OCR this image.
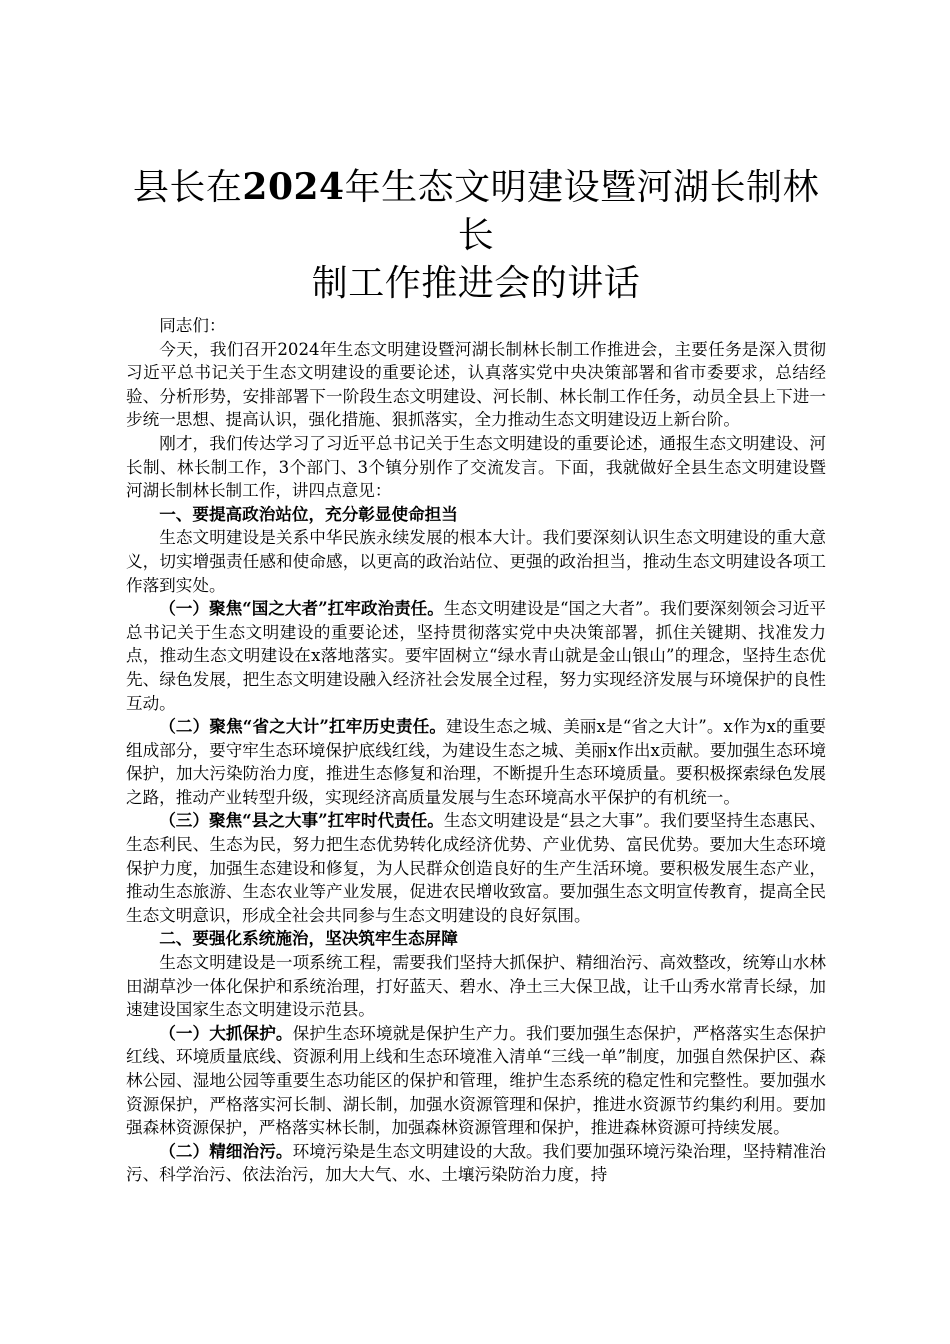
县长在2024年生态文明建设暨河湖长制林长
制工作推进会的讲话

同志们：

今天，我们召开2024年生态文明建设暨河湖长制林长制工作推进会，主要任务是深入贯彻习近平总书记关于生态文明建设的重要论述，认真落实党中央决策部署和省市委要求，总结经验、分析形势，安排部署下一阶段生态文明建设、河长制、林长制工作任务，动员全县上下进一步统一思想、提高认识，强化措施、狠抓落实，全力推动生态文明建设迈上新台阶。

刚才，我们传达学习了习近平总书记关于生态文明建设的重要论述，通报生态文明建设、河长制、林长制工作，3个部门、3个镇分别作了交流发言。下面，我就做好全县生态文明建设暨河湖长制林长制工作，讲四点意见：

一、要提高政治站位，充分彰显使命担当

生态文明建设是关系中华民族永续发展的根本大计。我们要深刻认识生态文明建设的重大意义，切实增强责任感和使命感，以更高的政治站位、更强的政治担当，推动生态文明建设各项工作落到实处。

（一）聚焦“国之大者”扛牢政治责任。生态文明建设是“国之大者”。我们要深刻领会习近平总书记关于生态文明建设的重要论述，坚持贯彻落实党中央决策部署，抓住关键期、找准发力点，推动生态文明建设在x落地落实。要牢固树立“绿水青山就是金山银山”的理念，坚持生态优先、绿色发展，把生态文明建设融入经济社会发展全过程，努力实现经济发展与环境保护的良性互动。

（二）聚焦“省之大计”扛牢历史责任。建设生态之城、美丽x是“省之大计”。x作为x的重要组成部分，要守牢生态环境保护底线红线，为建设生态之城、美丽x作出x贡献。要加强生态环境保护，加大污染防治力度，推进生态修复和治理，不断提升生态环境质量。要积极探索绿色发展之路，推动产业转型升级，实现经济高质量发展与生态环境高水平保护的有机统一。

（三）聚焦“县之大事”扛牢时代责任。生态文明建设是“县之大事”。我们要坚持生态惠民、生态利民、生态为民，努力把生态优势转化成经济优势、产业优势、富民优势。要加大生态环境保护力度，加强生态建设和修复，为人民群众创造良好的生产生活环境。要积极发展生态产业，推动生态旅游、生态农业等产业发展，促进农民增收致富。要加强生态文明宣传教育，提高全民生态文明意识，形成全社会共同参与生态文明建设的良好氛围。

二、要强化系统施治，坚决筑牢生态屏障

生态文明建设是一项系统工程，需要我们坚持大抓保护、精细治污、高效整改，统筹山水林田湖草沙一体化保护和系统治理，打好蓝天、碧水、净土三大保卫战，让千山秀水常青长绿，加速建设国家生态文明建设示范县。

（一）大抓保护。保护生态环境就是保护生产力。我们要加强生态保护，严格落实生态保护红线、环境质量底线、资源利用上线和生态环境准入清单“三线一单”制度，加强自然保护区、森林公园、湿地公园等重要生态功能区的保护和管理，维护生态系统的稳定性和完整性。要加强水资源保护，严格落实河长制、湖长制，加强水资源管理和保护，推进水资源节约集约利用。要加强森林资源保护，严格落实林长制，加强森林资源管理和保护，推进森林资源可持续发展。

（二）精细治污。环境污染是生态文明建设的大敌。我们要加强环境污染治理，坚持精准治污、科学治污、依法治污，加大大气、水、土壤污染防治力度，持
